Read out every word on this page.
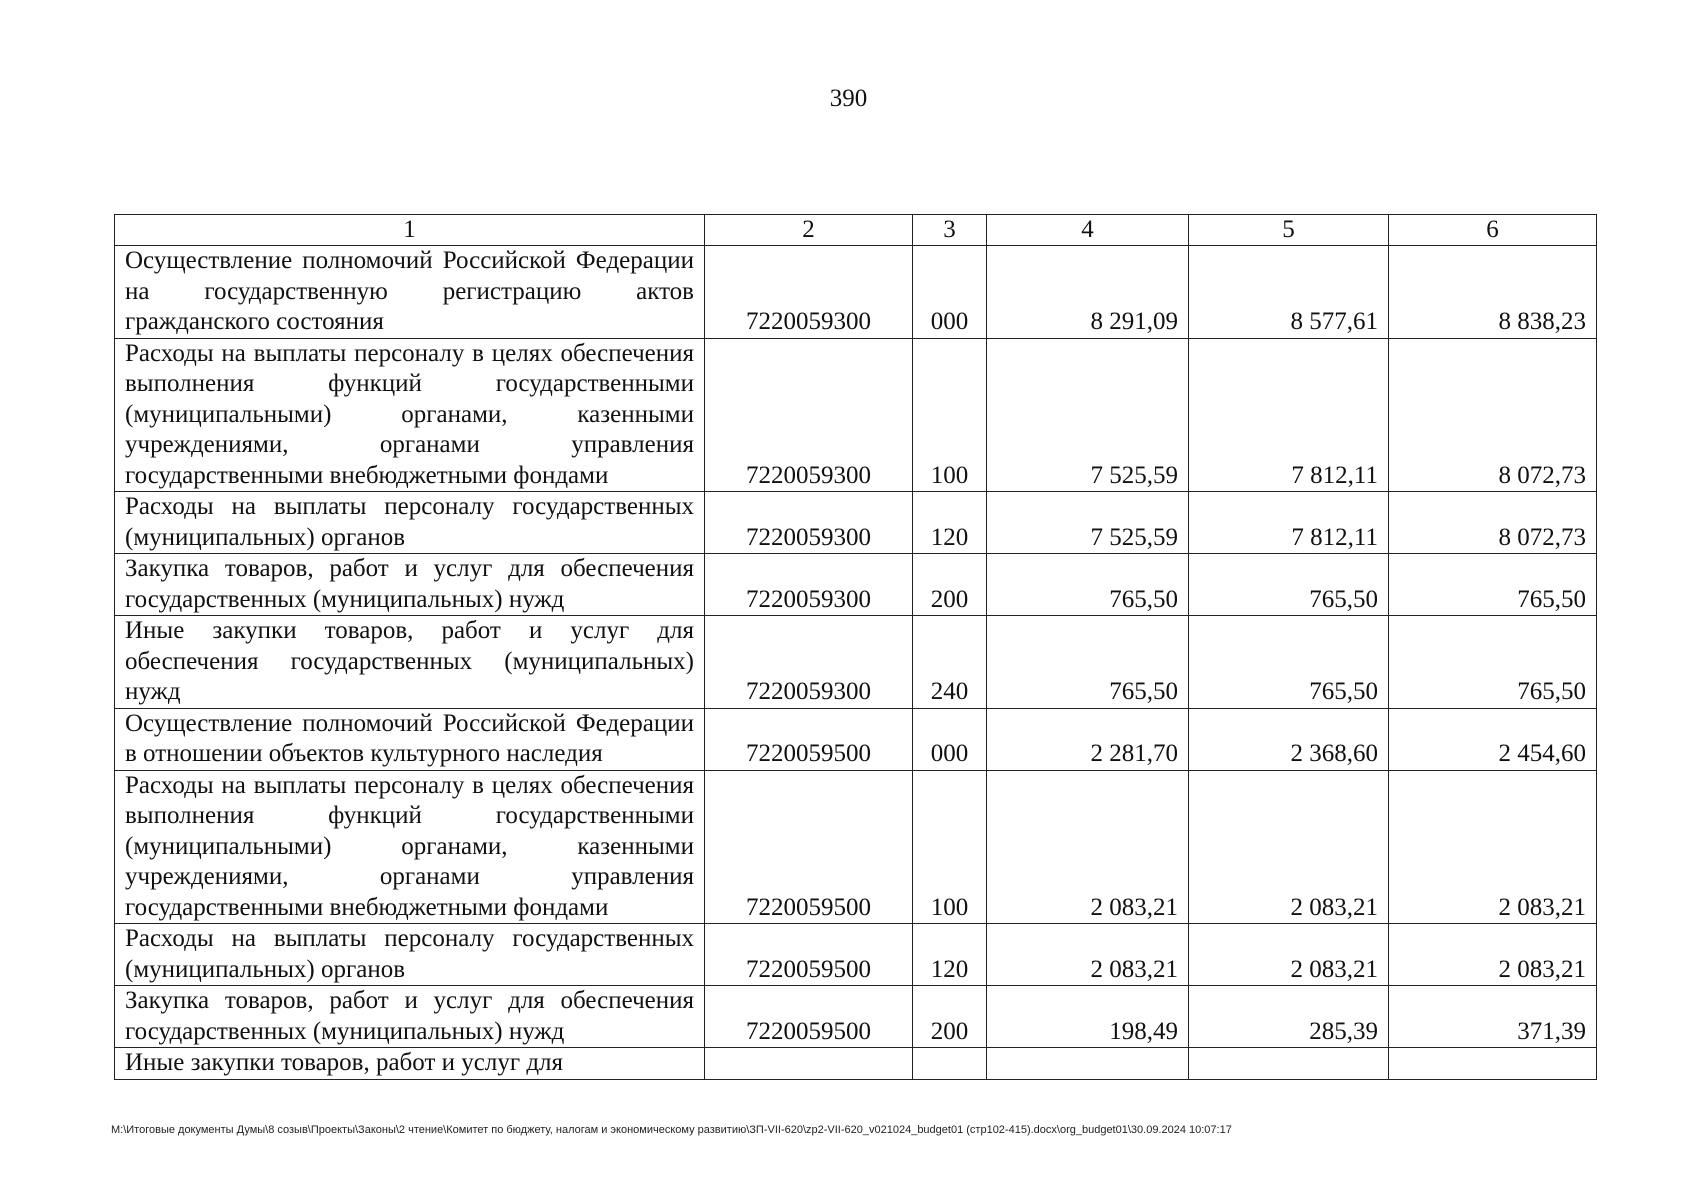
390
1	2	3	4	5	6
Осуществление полномочий Российской Федерации на государственную регистрацию актов гражданского состояния	7220059300	000	8 291,09	8 577,61	8 838,23
Расходы на выплаты персоналу в целях обеспечения выполнения функций государственными (муниципальными) органами, казенными учреждениями, органами управления государственными внебюджетными фондами	7220059300	100	7 525,59	7 812,11	8 072,73
Расходы на выплаты персоналу государственных (муниципальных) органов	7220059300	120	7 525,59	7 812,11	8 072,73
Закупка товаров, работ и услуг для обеспечения государственных (муниципальных) нужд	7220059300	200	765,50	765,50	765,50
Иные закупки товаров, работ и услуг для обеспечения государственных (муниципальных) нужд	7220059300	240	765,50	765,50	765,50
Осуществление полномочий Российской Федерации в отношении объектов культурного наследия	7220059500	000	2 281,70	2 368,60	2 454,60
Расходы на выплаты персоналу в целях обеспечения выполнения функций государственными (муниципальными) органами, казенными учреждениями, органами управления государственными внебюджетными фондами	7220059500	100	2 083,21	2 083,21	2 083,21
Расходы на выплаты персоналу государственных (муниципальных) органов	7220059500	120	2 083,21	2 083,21	2 083,21
Закупка товаров, работ и услуг для обеспечения государственных (муниципальных) нужд	7220059500	200	198,49	285,39	371,39
Иные закупки товаров, работ и услуг для					
M:\Итоговые документы Думы\8 созыв\Проекты\Законы\2 чтение\Комитет по бюджету, налогам и экономическому развитию\ЗП-VII-620\zp2-VII-620_v021024_budget01 (стр102-415).docx\org_budget01\30.09.2024 10:07:17
